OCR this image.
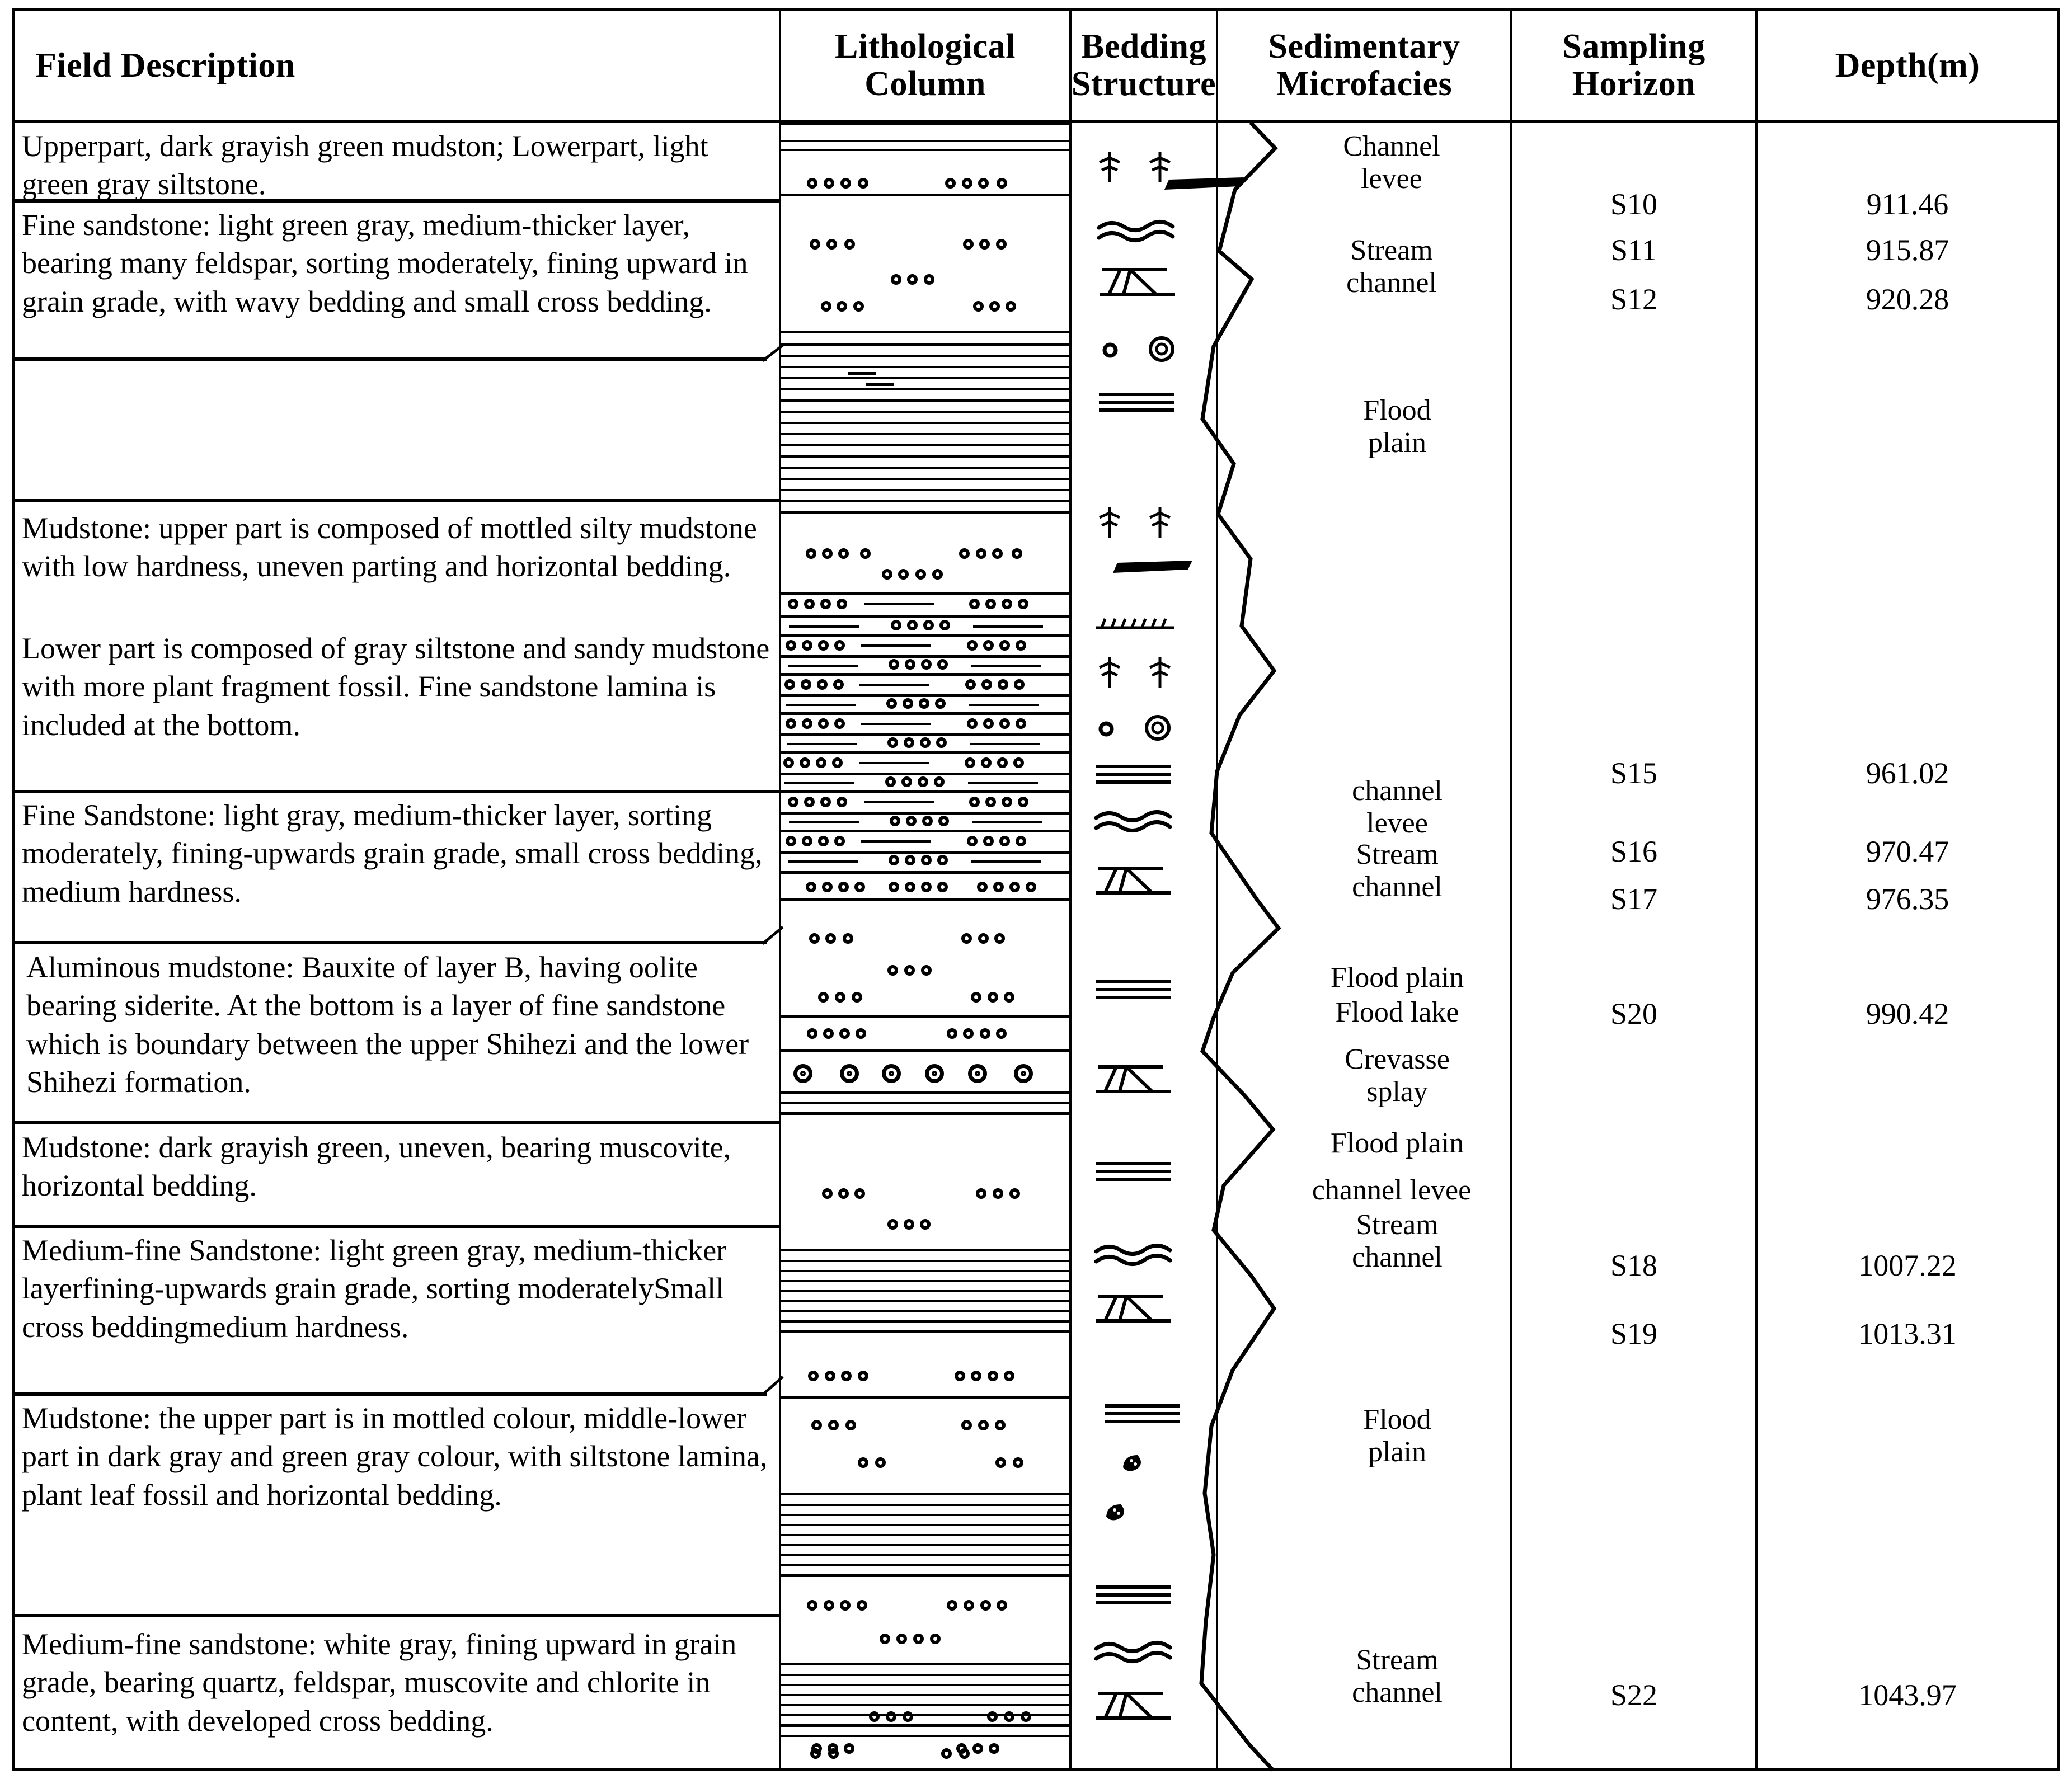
Field Description	Lithological
Column
Bedding
Structure
Sedimentary
Microfacies
Sampling
Horizon	Depth(m)
Upperpart, dark grayish green mudston; Lowerpart, light green gray siltstone.
Fine sandstone: light green gray, medium-thicker layer, bearing many feldspar, sorting moderately, fining upward in grain grade, with wavy bedding and small cross bedding.
Mudstone: upper part is composed of mottled silty mudstone with low hardness, uneven parting and horizontal bedding.
Lower part is composed of gray siltstone and sandy mudstone with more plant fragment fossil. Fine sandstone lamina is included at the bottom.
Fine Sandstone: light gray, medium-thicker layer, sorting moderately, fining-upwards grain grade, small cross bedding, medium hardness.
Aluminous mudstone: Bauxite of layer B, having oolite bearing siderite. At the bottom is a layer of fine sandstone which is boundary between the upper Shihezi and the lower Shihezi formation.
Mudstone: dark grayish green, uneven, bearing muscovite, horizontal bedding.
Medium-fine Sandstone: light green gray, medium-thicker layerfining-upwards grain grade, sorting moderatelySmall cross beddingmedium hardness.
Mudstone: the upper part is in mottled colour, middle-lower part in dark gray and green gray colour, with siltstone lamina, plant leaf fossil and horizontal bedding.
Medium-fine sandstone: white gray, fining upward in grain grade, bearing quartz, feldspar, muscovite and chlorite in content, with developed cross bedding.
Channel
levee
Stream
channel
Flood
plain
channel
levee
Stream
channel
Flood plain
Flood lake
Crevasse
splay
Flood plain
channel levee
Stream
channel
Flood
plain
Stream
channel
S10
S11
S12
S15
S16
S17
S20
S18
S19
S22
911.46
915.87
920.28
961.02
970.47
976.35
990.42
1007.22
1013.31
1043.97
